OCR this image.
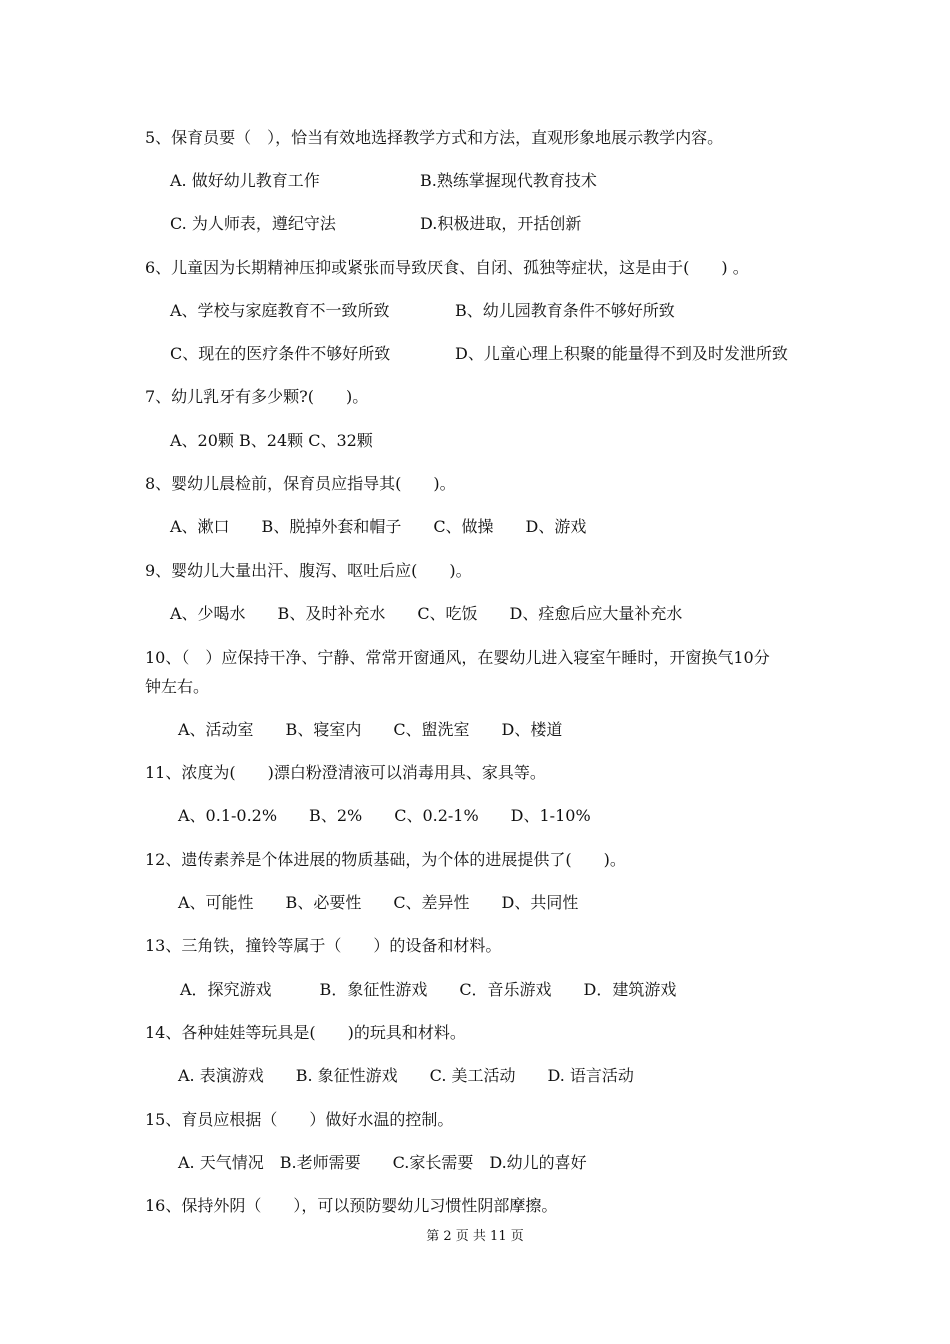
5、保育员要（　），恰当有效地选择教学方式和方法，直观形象地展示教学内容。
A. 做好幼儿教育工作	B.熟练掌握现代教育技术
C. 为人师表，遵纪守法	D.积极进取，开括创新
6、儿童因为长期精神压抑或紧张而导致厌食、自闭、孤独等症状，这是由于(　　) 。
A、学校与家庭教育不一致所致	B、幼儿园教育条件不够好所致
C、现在的医疗条件不够好所致	D、儿童心理上积聚的能量得不到及时发泄所致
7、幼儿乳牙有多少颗?(　　)。
A、20颗 B、24颗 C、32颗
8、婴幼儿晨检前，保育员应指导其(　　)。
A、漱口　　B、脱掉外套和帽子　　C、做操　　D、游戏
9、婴幼儿大量出汗、腹泻、呕吐后应(　　)。
A、少喝水　　B、及时补充水　　C、吃饭　　D、痊愈后应大量补充水
10、（　）应保持干净、宁静、常常开窗通风，在婴幼儿进入寝室午睡时，开窗换气10分
钟左右。
A、活动室　　B、寝室内　　C、盥洗室　　D、楼道
11、浓度为(　　)漂白粉澄清液可以消毒用具、家具等。
A、0.1-0.2%　　B、2%　　C、0.2-1%　　D、1-10%
12、遗传素养是个体进展的物质基础，为个体的进展提供了(　　)。
A、可能性　　B、必要性　　C、差异性　　D、共同性
13、三角铁，撞铃等属于（　　）的设备和材料。
A．探究游戏　　　B．象征性游戏　　C．音乐游戏　　D．建筑游戏
14、各种娃娃等玩具是(　　)的玩具和材料。
A. 表演游戏　　B. 象征性游戏　　C. 美工活动　　D. 语言活动
15、育员应根据（　　）做好水温的控制。
A. 天气情况　B.老师需要　　C.家长需要　D.幼儿的喜好
16、保持外阴（　　），可以预防婴幼儿习惯性阴部摩擦。
第 2 页 共 11 页
